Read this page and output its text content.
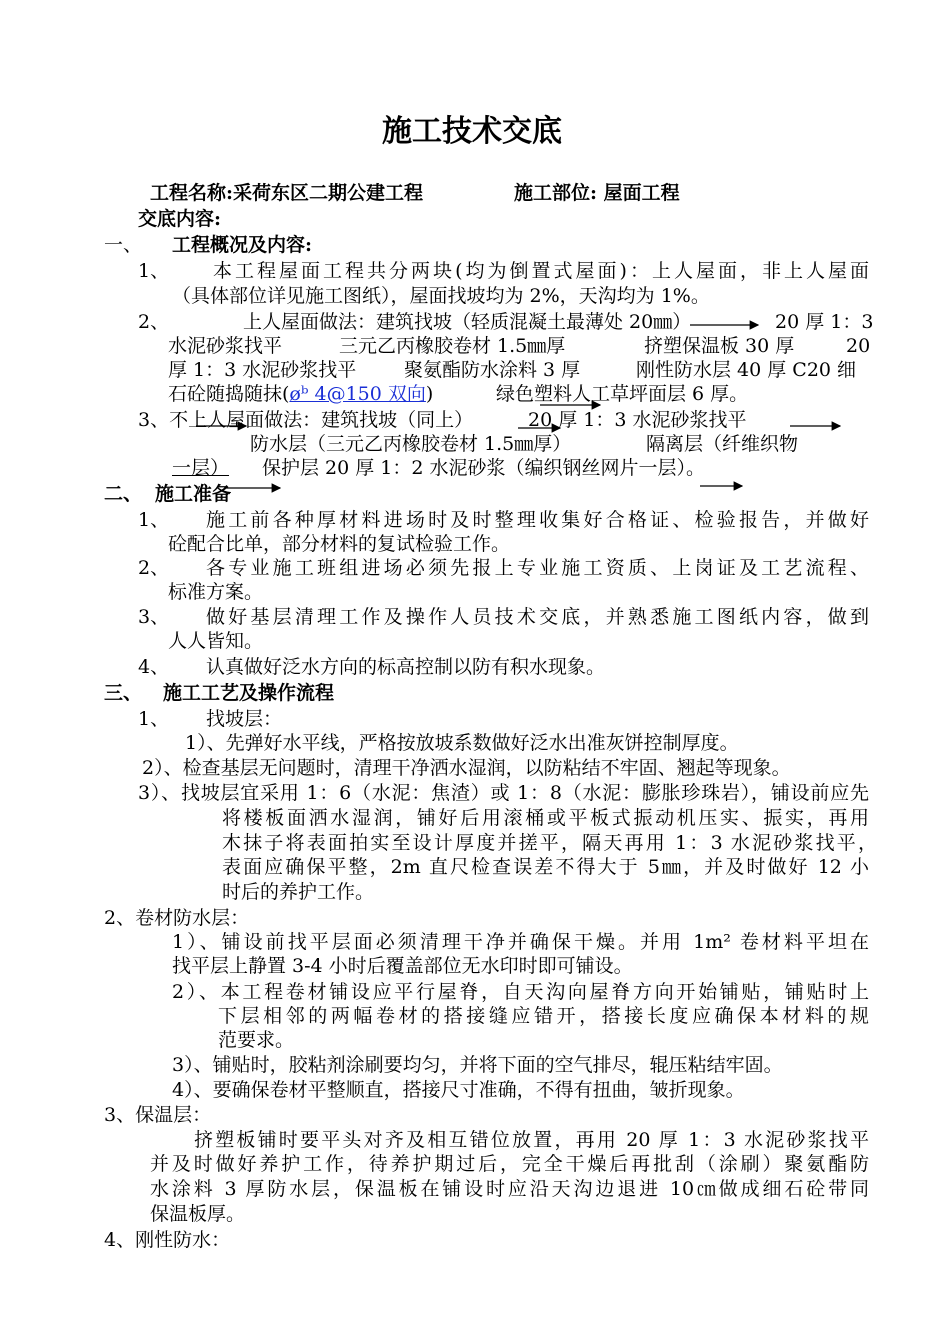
施工技术交底
工程名称:采荷东区二期公建工程	施工部位: 屋面工程
交底内容:
一、 工程概况及内容:
1、 本工程屋面工程共分两块(均为倒置式屋面)：上人屋面，非上人屋面
（具体部位详见施工图纸），屋面找坡均为 2%，天沟均为 1%。
2、	上人屋面做法：建筑找坡（轻质混凝土最薄处 20㎜）	20 厚 1：3
水泥砂浆找平	三元乙丙橡胶卷材 1.5㎜厚	挤塑保温板 30 厚	20
厚 1：3 水泥砂浆找平	聚氨酯防水涂料 3 厚	刚性防水层 40 厚 C20 细
石砼随捣随抹(øᵇ 4@150 双向)	绿色塑料人工草坪面层 6 厚。
3、不上人屋面做法：建筑找坡（同上）	20 厚 1：3 水泥砂浆找平
防水层（三元乙丙橡胶卷材 1.5㎜厚）	隔离层（纤维织物
一层） 保护层 20 厚 1：2 水泥砂浆（编织钢丝网片一层）。
二、 施工准备
1、 施工前各种厚材料进场时及时整理收集好合格证、检验报告，并做好
砼配合比单，部分材料的复试检验工作。
2、 各专业施工班组进场必须先报上专业施工资质、上岗证及工艺流程、
标准方案。
3、 做好基层清理工作及操作人员技术交底，并熟悉施工图纸内容，做到
人人皆知。
4、 认真做好泛水方向的标高控制以防有积水现象。
三、 施工工艺及操作流程
1、 找坡层：
1）、先弹好水平线，严格按放坡系数做好泛水出准灰饼控制厚度。
2）、检查基层无问题时，清理干净洒水湿润，以防粘结不牢固、翘起等现象。
3）、找坡层宜采用 1：6（水泥：焦渣）或 1：8（水泥：膨胀珍珠岩），铺设前应先
将楼板面洒水湿润，铺好后用滚桶或平板式振动机压实、振实，再用
木抹子将表面拍实至设计厚度并搓平，隔天再用 1：3 水泥砂浆找平，
表面应确保平整，2m 直尺检查误差不得大于 5㎜，并及时做好 12 小
时后的养护工作。
2、卷材防水层：
1）、铺设前找平层面必须清理干净并确保干燥。并用 1m² 卷材料平坦在
找平层上静置 3-4 小时后覆盖部位无水印时即可铺设。
2）、本工程卷材铺设应平行屋脊，自天沟向屋脊方向开始铺贴，铺贴时上
下层相邻的两幅卷材的搭接缝应错开，搭接长度应确保本材料的规
范要求。
3）、铺贴时，胶粘剂涂刷要均匀，并将下面的空气排尽，辊压粘结牢固。
4）、要确保卷材平整顺直，搭接尺寸准确，不得有扭曲，皱折现象。
3、保温层：
挤塑板铺时要平头对齐及相互错位放置，再用 20 厚 1：3 水泥砂浆找平
并及时做好养护工作，待养护期过后，完全干燥后再批刮（涂刷）聚氨酯防
水涂料 3 厚防水层，保温板在铺设时应沿天沟边退进 10㎝做成细石砼带同
保温板厚。
4、刚性防水：
